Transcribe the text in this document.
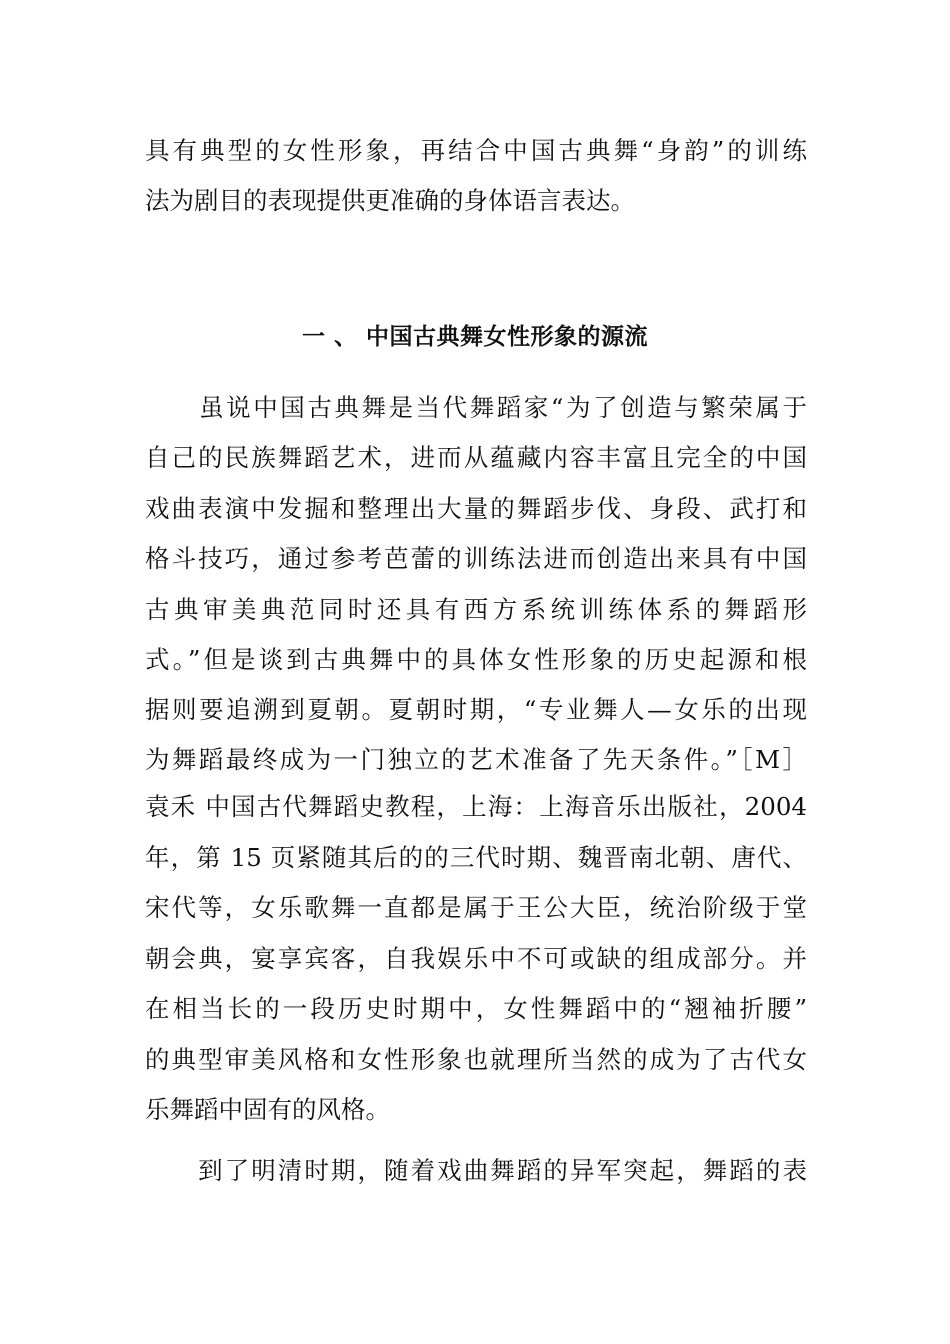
具有典型的女性形象，再结合中国古典舞“身韵”的训练
法为剧目的表现提供更准确的身体语言表达。
一 、 中国古典舞女性形象的源流
　　虽说中国古典舞是当代舞蹈家“为了创造与繁荣属于
自己的民族舞蹈艺术，进而从蕴藏内容丰富且完全的中国
戏曲表演中发掘和整理出大量的舞蹈步伐、身段、武打和
格斗技巧，通过参考芭蕾的训练法进而创造出来具有中国
古典审美典范同时还具有西方系统训练体系的舞蹈形
式。”但是谈到古典舞中的具体女性形象的历史起源和根
据则要追溯到夏朝。夏朝时期，“专业舞人—女乐的出现
为舞蹈最终成为一门独立的艺术准备了先天条件。”［M］
袁禾 中国古代舞蹈史教程，上海：上海音乐出版社，2004
年，第 15 页紧随其后的的三代时期、魏晋南北朝、唐代、
宋代等，女乐歌舞一直都是属于王公大臣，统治阶级于堂
朝会典，宴享宾客，自我娱乐中不可或缺的组成部分。并
在相当长的一段历史时期中，女性舞蹈中的“翘袖折腰”
的典型审美风格和女性形象也就理所当然的成为了古代女
乐舞蹈中固有的风格。
　　到了明清时期，随着戏曲舞蹈的异军突起，舞蹈的表
